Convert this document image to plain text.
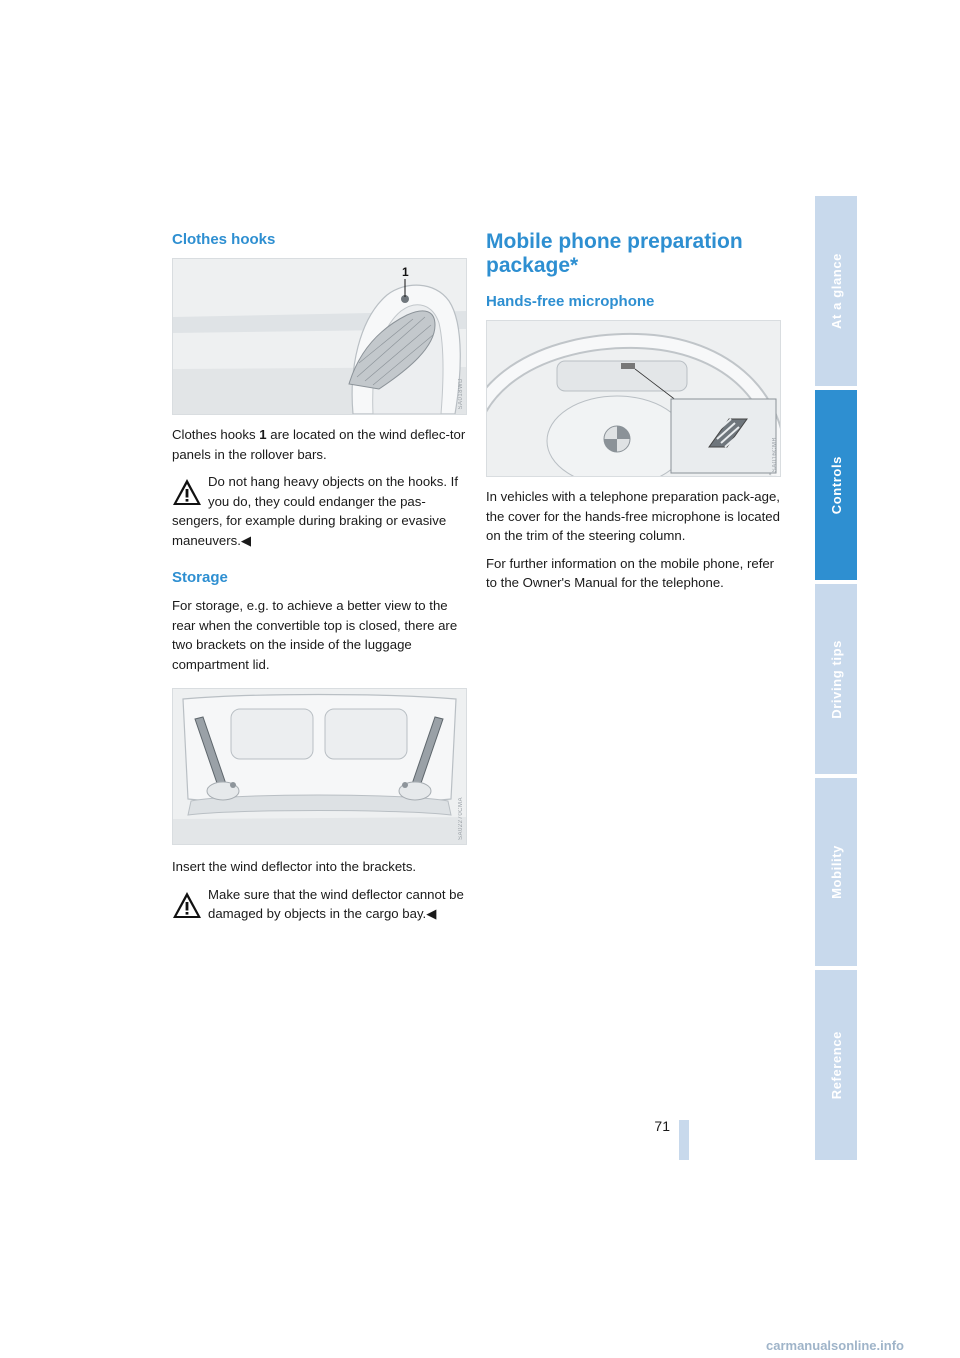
Clothes hooks
1
SA018WD

Clothes hooks 1 are located on the wind deflec-tor panels in the rollover bars.

Do not hang heavy objects on the hooks. If you do, they could endanger the pas-sengers, for example during braking or evasive maneuvers.◀
Storage

For storage, e.g. to achieve a better view to the rear when the convertible top is closed, there are two brackets on the inside of the luggage compartment lid.

SA02270CMA

Insert the wind deflector into the brackets.

Make sure that the wind deflector cannot be damaged by objects in the cargo bay.◀
Mobile phone preparation package*
Hands-free microphone
SA016CMB

In vehicles with a telephone preparation pack-age, the cover for the hands-free microphone is located on the trim of the steering column.

For further information on the mobile phone, refer to the Owner's Manual for the telephone.

At a glance
Controls
Driving tips
Mobility
Reference
71
carmanualsonline.info
